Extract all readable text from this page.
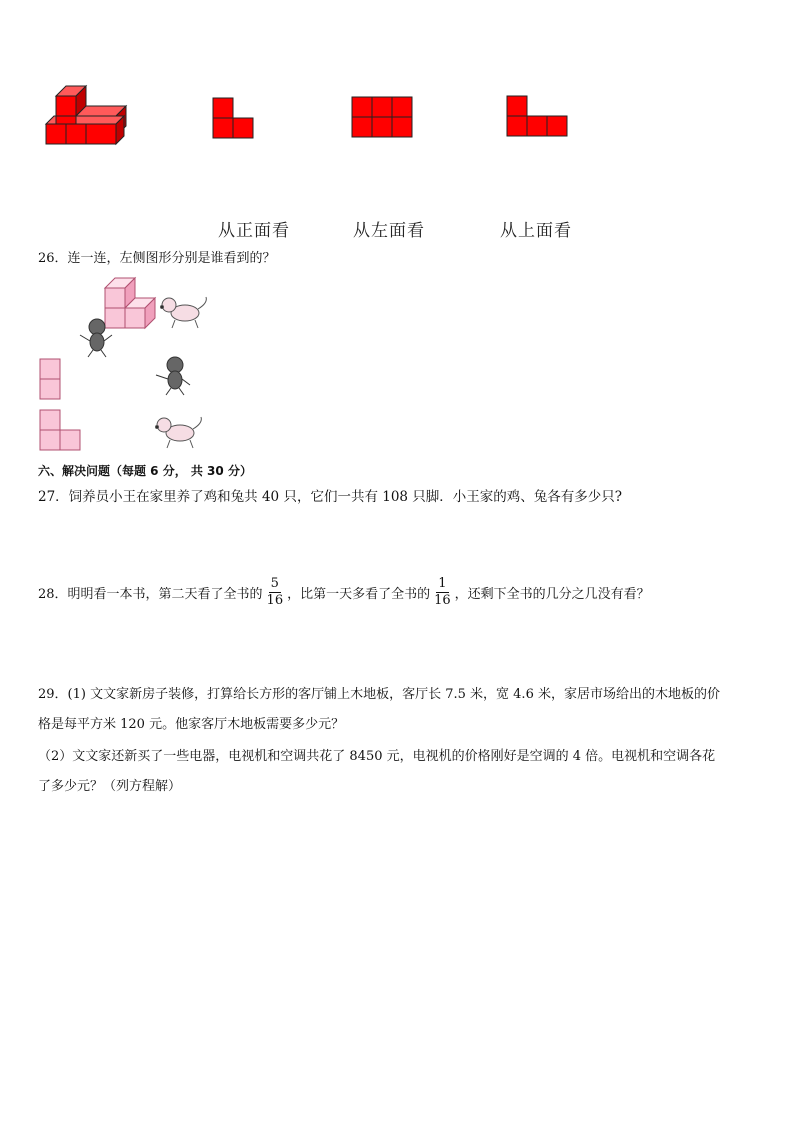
从正面看	从左面看	从上面看
26．连一连，左侧图形分别是谁看到的？
六、解决问题（每题 6 分， 共 30 分）
27．饲养员小王在家里养了鸡和兔共 40 只，它们一共有 108 只脚．小王家的鸡、兔各有多少只?
28．明明看一本书，第二天看了全书的 $\frac{5}{16}$ ，比第一天多看了全书的 $\frac{1}{16}$ ，还剩下全书的几分之几没有看？
29．(1) 文文家新房子装修，打算给长方形的客厅铺上木地板，客厅长 7.5 米，宽 4.6 米，家居市场给出的木地板的价
格是每平方米 120 元。他家客厅木地板需要多少元？
（2）文文家还新买了一些电器，电视机和空调共花了 8450 元，电视机的价格刚好是空调的 4 倍。电视机和空调各花
了多少元？（列方程解）
